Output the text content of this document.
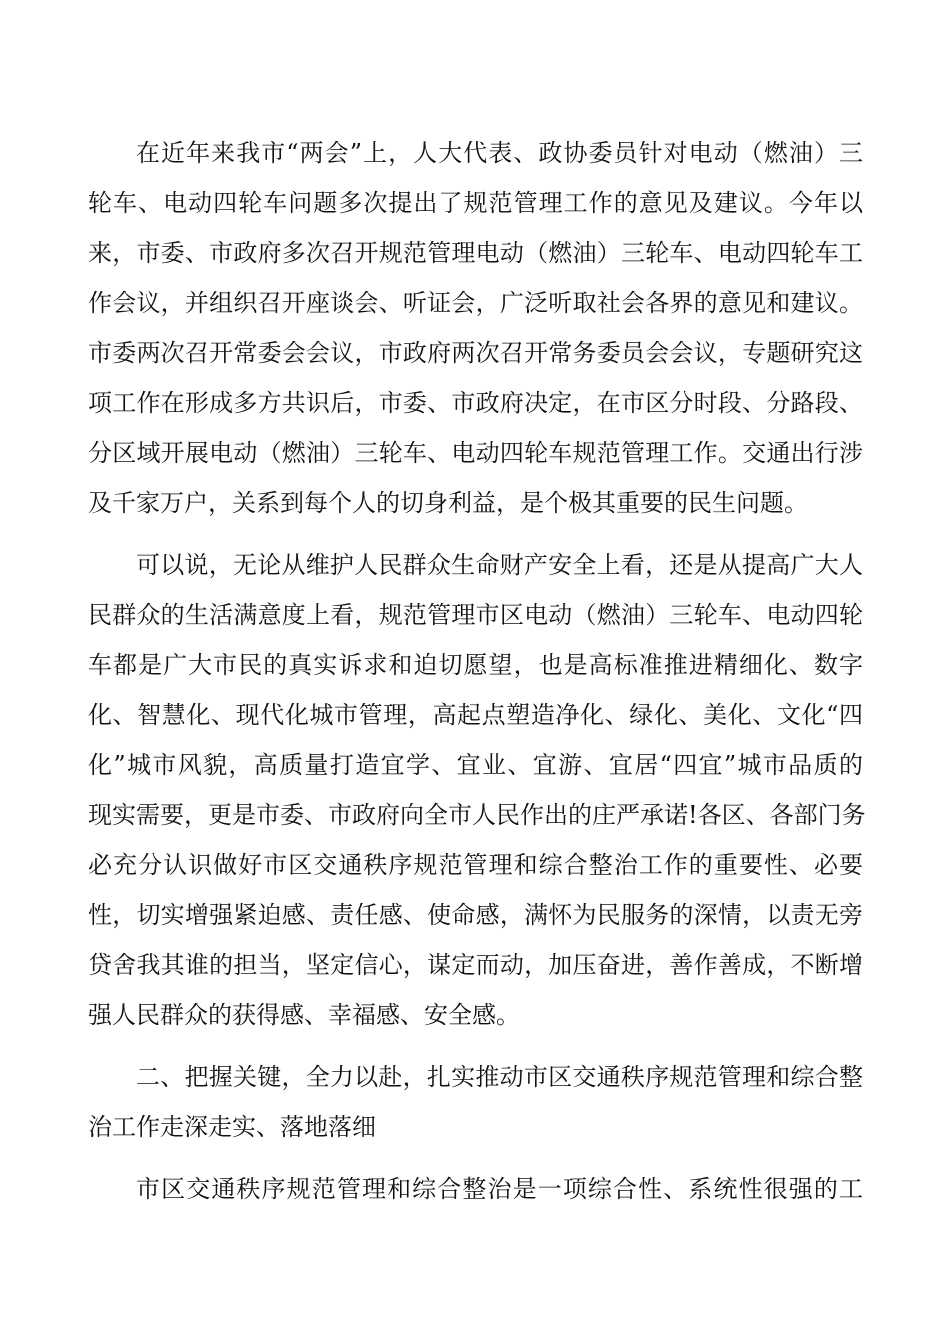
在近年来我市“两会”上，人大代表、政协委员针对电动（燃油）三
轮车、电动四轮车问题多次提出了规范管理工作的意见及建议。今年以
来，市委、市政府多次召开规范管理电动（燃油）三轮车、电动四轮车工
作会议，并组织召开座谈会、听证会，广泛听取社会各界的意见和建议。
市委两次召开常委会会议，市政府两次召开常务委员会会议，专题研究这
项工作在形成多方共识后，市委、市政府决定，在市区分时段、分路段、
分区域开展电动（燃油）三轮车、电动四轮车规范管理工作。交通出行涉
及千家万户，关系到每个人的切身利益，是个极其重要的民生问题。
可以说，无论从维护人民群众生命财产安全上看，还是从提高广大人
民群众的生活满意度上看，规范管理市区电动（燃油）三轮车、电动四轮
车都是广大市民的真实诉求和迫切愿望，也是高标准推进精细化、数字
化、智慧化、现代化城市管理，高起点塑造净化、绿化、美化、文化“四
化”城市风貌，高质量打造宜学、宜业、宜游、宜居“四宜”城市品质的
现实需要，更是市委、市政府向全市人民作出的庄严承诺!各区、各部门务
必充分认识做好市区交通秩序规范管理和综合整治工作的重要性、必要
性，切实增强紧迫感、责任感、使命感，满怀为民服务的深情，以责无旁
贷舍我其谁的担当，坚定信心，谋定而动，加压奋进，善作善成，不断增
强人民群众的获得感、幸福感、安全感。
二、把握关键，全力以赴，扎实推动市区交通秩序规范管理和综合整
治工作走深走实、落地落细
市区交通秩序规范管理和综合整治是一项综合性、系统性很强的工
